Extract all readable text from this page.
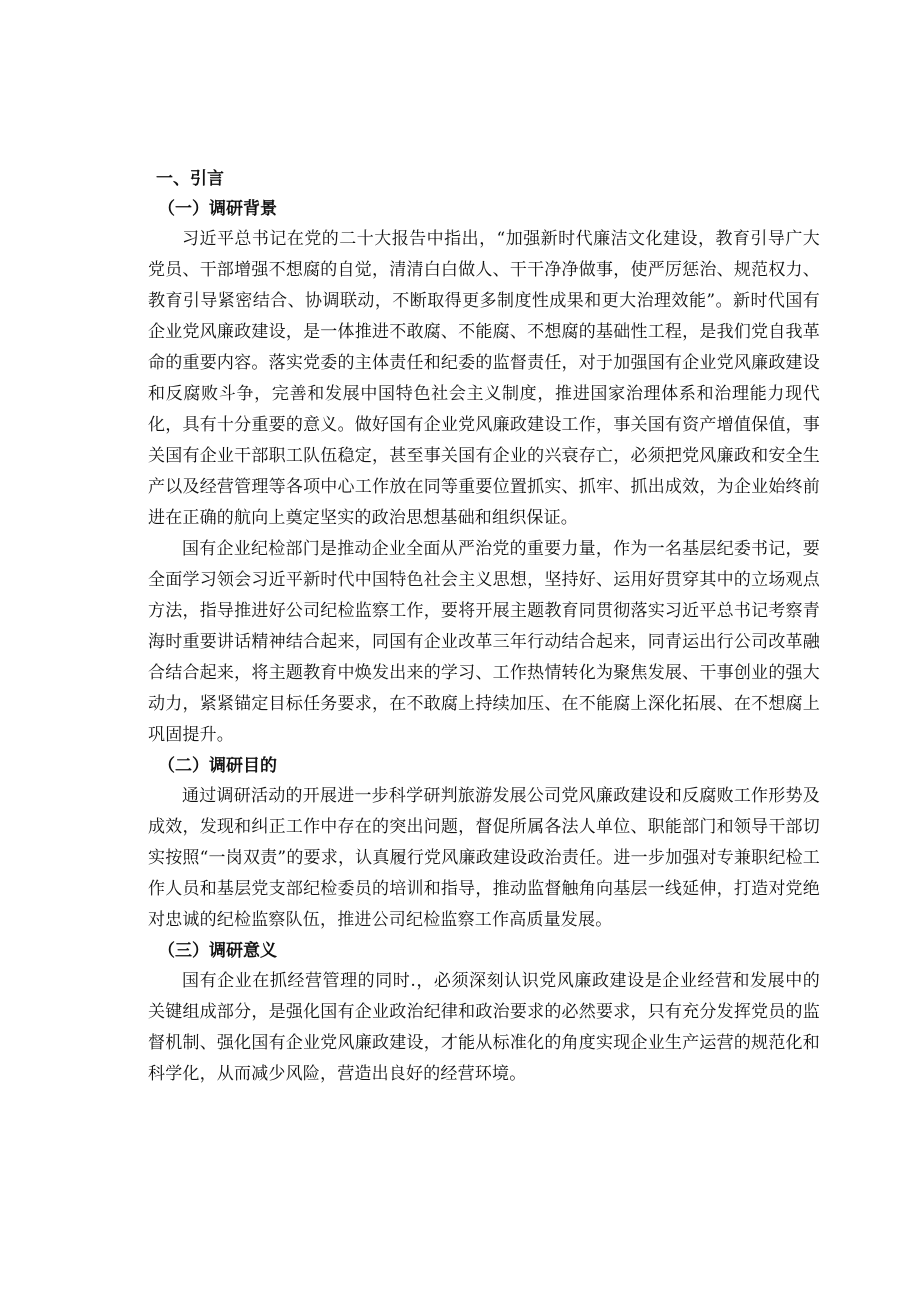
一、引言
（一）调研背景

习近平总书记在党的二十大报告中指出，“加强新时代廉洁文化建设，教育引导广大党员、干部增强不想腐的自觉，清清白白做人、干干净净做事，使严厉惩治、规范权力、教育引导紧密结合、协调联动，不断取得更多制度性成果和更大治理效能”。新时代国有企业党风廉政建设，是一体推进不敢腐、不能腐、不想腐的基础性工程，是我们党自我革命的重要内容。落实党委的主体责任和纪委的监督责任，对于加强国有企业党风廉政建设和反腐败斗争，完善和发展中国特色社会主义制度，推进国家治理体系和治理能力现代化，具有十分重要的意义。做好国有企业党风廉政建设工作，事关国有资产增值保值，事关国有企业干部职工队伍稳定，甚至事关国有企业的兴衰存亡，必须把党风廉政和安全生产以及经营管理等各项中心工作放在同等重要位置抓实、抓牢、抓出成效，为企业始终前进在正确的航向上奠定坚实的政治思想基础和组织保证。

国有企业纪检部门是推动企业全面从严治党的重要力量，作为一名基层纪委书记，要全面学习领会习近平新时代中国特色社会主义思想，坚持好、运用好贯穿其中的立场观点方法，指导推进好公司纪检监察工作，要将开展主题教育同贯彻落实习近平总书记考察青海时重要讲话精神结合起来，同国有企业改革三年行动结合起来，同青运出行公司改革融合结合起来，将主题教育中焕发出来的学习、工作热情转化为聚焦发展、干事创业的强大动力，紧紧锚定目标任务要求，在不敢腐上持续加压、在不能腐上深化拓展、在不想腐上巩固提升。

（二）调研目的

通过调研活动的开展进一步科学研判旅游发展公司党风廉政建设和反腐败工作形势及成效，发现和纠正工作中存在的突出问题，督促所属各法人单位、职能部门和领导干部切实按照“一岗双责”的要求，认真履行党风廉政建设政治责任。进一步加强对专兼职纪检工作人员和基层党支部纪检委员的培训和指导，推动监督触角向基层一线延伸，打造对党绝对忠诚的纪检监察队伍，推进公司纪检监察工作高质量发展。

（三）调研意义

国有企业在抓经营管理的同时.，必须深刻认识党风廉政建设是企业经营和发展中的关键组成部分，是强化国有企业政治纪律和政治要求的必然要求，只有充分发挥党员的监督机制、强化国有企业党风廉政建设，才能从标准化的角度实现企业生产运营的规范化和科学化，从而减少风险，营造出良好的经营环境。
